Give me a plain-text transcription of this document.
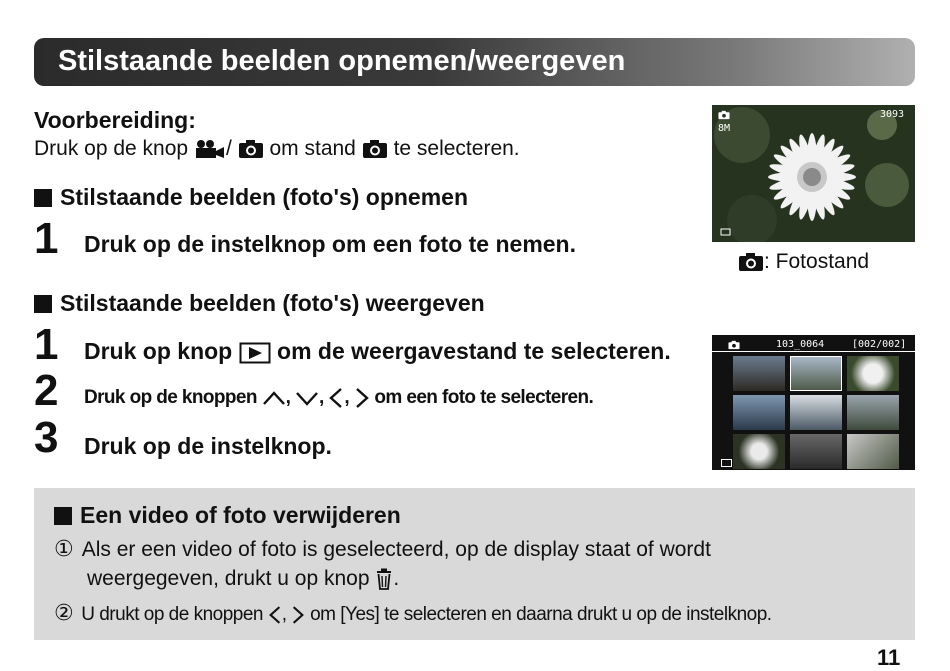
Stilstaande beelden opnemen/weergeven
Voorbereiding:
Druk op de knop / om stand te selecteren.
Stilstaande beelden (foto's) opnemen
1 Druk op de instelknop om een foto te nemen.
Stilstaande beelden (foto's) weergeven
1 Druk op knop om de weergavestand te selecteren.
2 Druk op de knoppen , , , om een foto te selecteren.
3 Druk op de instelknop.
8M
3093
: Fotostand
103_0064	[002/002]
Een video of foto verwijderen
① Als er een video of foto is geselecteerd, op de display staat of wordt
weergegeven, drukt u op knop .
② U drukt op de knoppen , om [Yes] te selecteren en daarna drukt u op de instelknop.
11
